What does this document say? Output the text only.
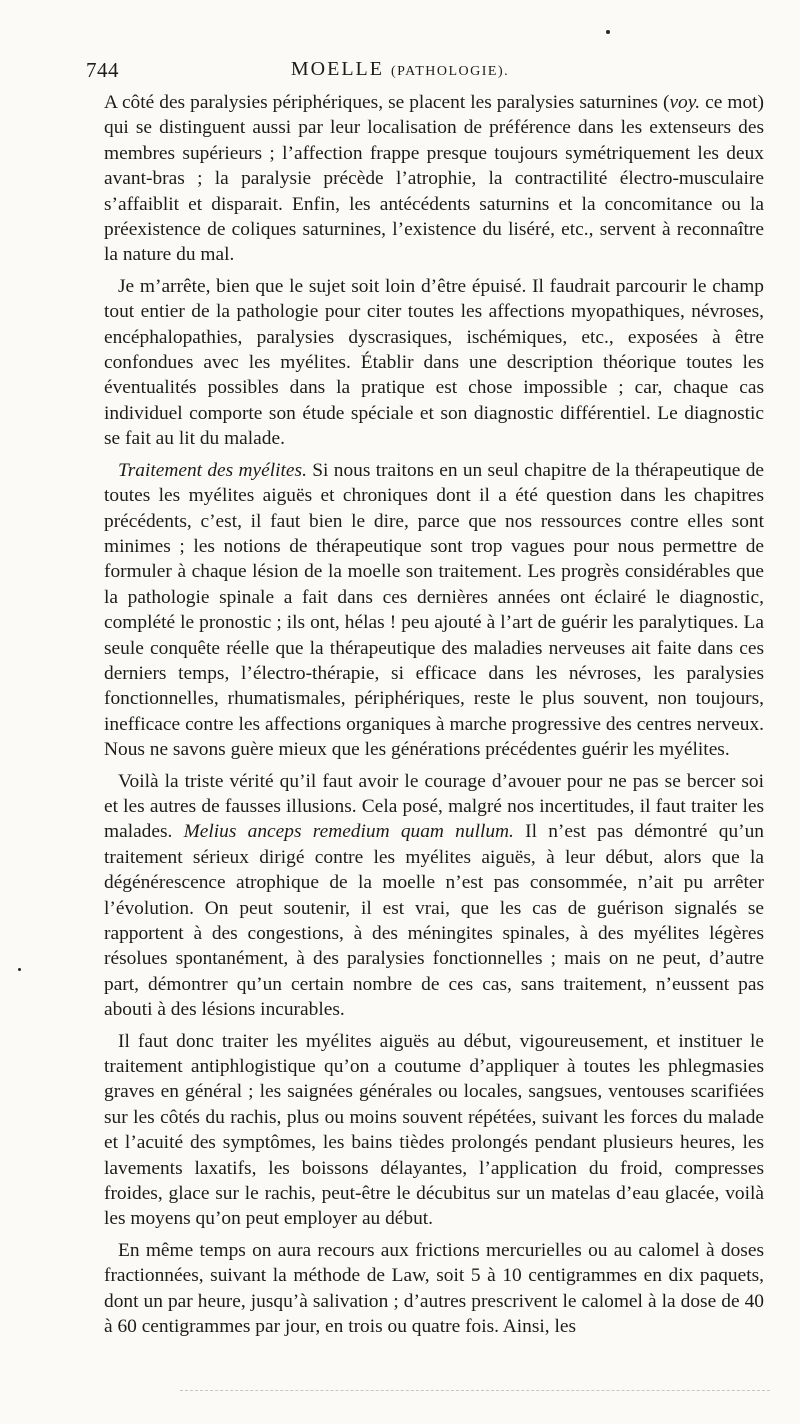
744	MOELLE (PATHOLOGIE).

A côté des paralysies périphériques, se placent les paralysies saturnines (voy. ce mot) qui se distinguent aussi par leur localisation de préférence dans les extenseurs des membres supérieurs ; l’affection frappe presque toujours symétriquement les deux avant-bras ; la paralysie précède l’atrophie, la contractilité électro-musculaire s’affaiblit et disparait. Enfin, les antécédents saturnins et la concomitance ou la préexistence de coliques saturnines, l’existence du liséré, etc., servent à reconnaître la nature du mal.

Je m’arrête, bien que le sujet soit loin d’être épuisé. Il faudrait parcourir le champ tout entier de la pathologie pour citer toutes les affections myopathiques, névroses, encéphalopathies, paralysies dyscrasiques, ischémiques, etc., exposées à être confondues avec les myélites. Établir dans une description théorique toutes les éventualités possibles dans la pratique est chose impossible ; car, chaque cas individuel comporte son étude spéciale et son diagnostic différentiel. Le diagnostic se fait au lit du malade.

Traitement des myélites. Si nous traitons en un seul chapitre de la thérapeutique de toutes les myélites aiguës et chroniques dont il a été question dans les chapitres précédents, c’est, il faut bien le dire, parce que nos ressources contre elles sont minimes ; les notions de thérapeutique sont trop vagues pour nous permettre de formuler à chaque lésion de la moelle son traitement. Les progrès considérables que la pathologie spinale a fait dans ces dernières années ont éclairé le diagnostic, complété le pronostic ; ils ont, hélas ! peu ajouté à l’art de guérir les paralytiques. La seule conquête réelle que la thérapeutique des maladies nerveuses ait faite dans ces derniers temps, l’électro-thérapie, si efficace dans les névroses, les paralysies fonctionnelles, rhumatismales, périphériques, reste le plus souvent, non toujours, inefficace contre les affections organiques à marche progressive des centres nerveux. Nous ne savons guère mieux que les générations précédentes guérir les myélites.

Voilà la triste vérité qu’il faut avoir le courage d’avouer pour ne pas se bercer soi et les autres de fausses illusions. Cela posé, malgré nos incertitudes, il faut traiter les malades. Melius anceps remedium quam nullum. Il n’est pas démontré qu’un traitement sérieux dirigé contre les myélites aiguës, à leur début, alors que la dégénérescence atrophique de la moelle n’est pas consommée, n’ait pu arrêter l’évolution. On peut soutenir, il est vrai, que les cas de guérison signalés se rapportent à des congestions, à des méningites spinales, à des myélites légères résolues spontanément, à des paralysies fonctionnelles ; mais on ne peut, d’autre part, démontrer qu’un certain nombre de ces cas, sans traitement, n’eussent pas abouti à des lésions incurables.

Il faut donc traiter les myélites aiguës au début, vigoureusement, et instituer le traitement antiphlogistique qu’on a coutume d’appliquer à toutes les phlegmasies graves en général ; les saignées générales ou locales, sangsues, ventouses scarifiées sur les côtés du rachis, plus ou moins souvent répétées, suivant les forces du malade et l’acuité des symptômes, les bains tièdes prolongés pendant plusieurs heures, les lavements laxatifs, les boissons délayantes, l’application du froid, compresses froides, glace sur le rachis, peut-être le décubitus sur un matelas d’eau glacée, voilà les moyens qu’on peut employer au début.

En même temps on aura recours aux frictions mercurielles ou au calomel à doses fractionnées, suivant la méthode de Law, soit 5 à 10 centigrammes en dix paquets, dont un par heure, jusqu’à salivation ; d’autres prescrivent le calomel à la dose de 40 à 60 centigrammes par jour, en trois ou quatre fois. Ainsi, les
